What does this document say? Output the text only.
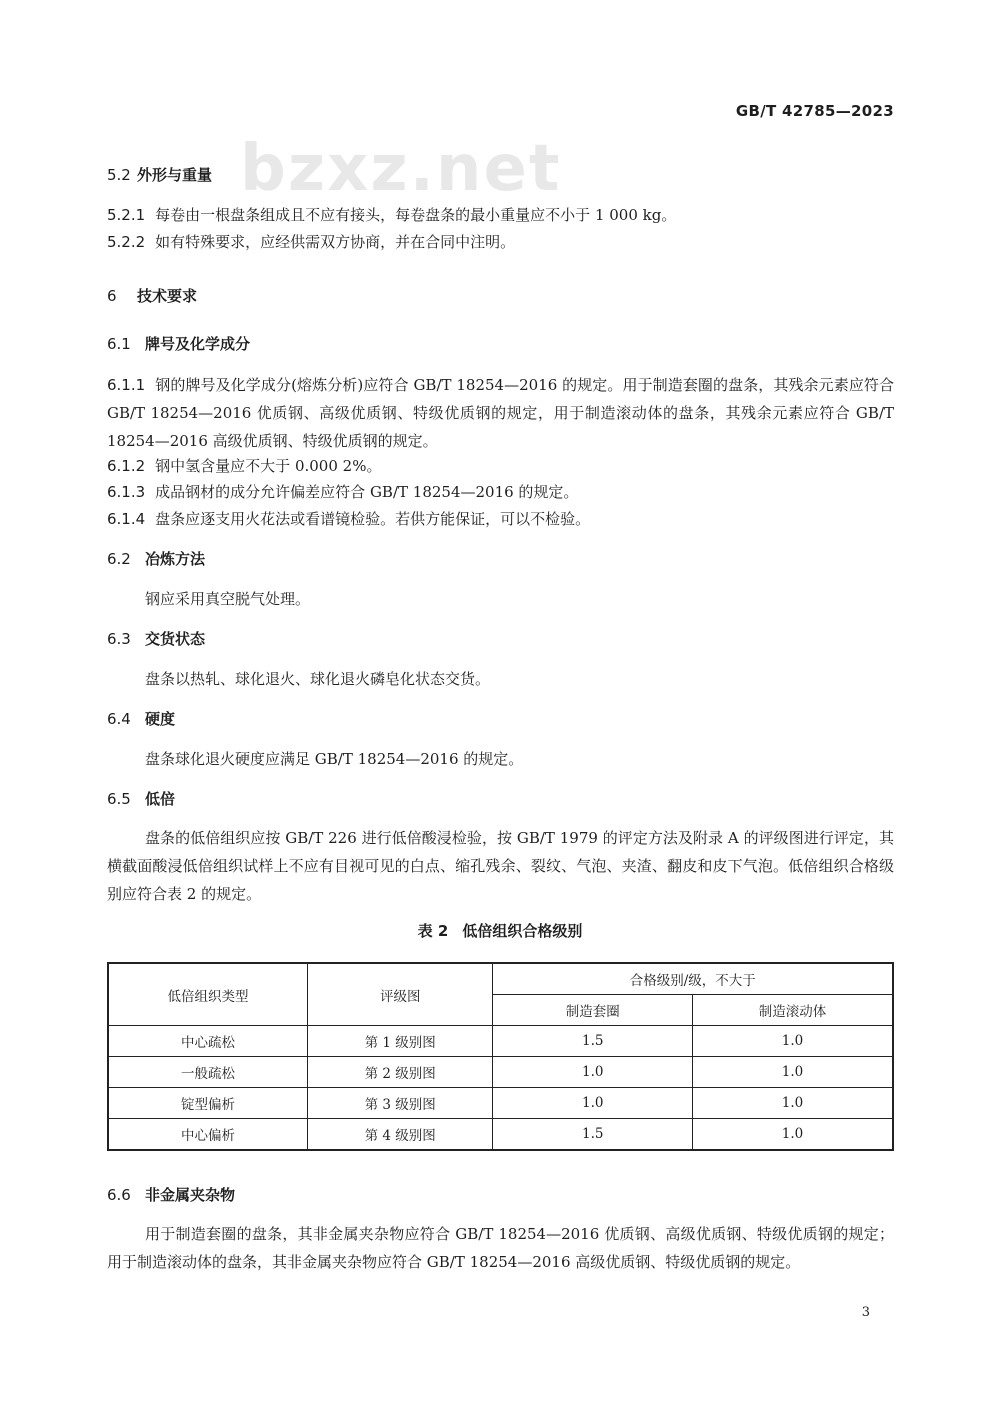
GB/T 42785—2023
bzxz.net
5.2 外形与重量
5.2.1 每卷由一根盘条组成且不应有接头，每卷盘条的最小重量应不小于 1 000 kg。
5.2.2 如有特殊要求，应经供需双方协商，并在合同中注明。
6 技术要求
6.1 牌号及化学成分
6.1.1 钢的牌号及化学成分(熔炼分析)应符合 GB/T 18254—2016 的规定。用于制造套圈的盘条，其残余元素应符合 GB/T 18254—2016 优质钢、高级优质钢、特级优质钢的规定，用于制造滚动体的盘条，其残余元素应符合 GB/T 18254—2016 高级优质钢、特级优质钢的规定。
6.1.2 钢中氢含量应不大于 0.000 2%。
6.1.3 成品钢材的成分允许偏差应符合 GB/T 18254—2016 的规定。
6.1.4 盘条应逐支用火花法或看谱镜检验。若供方能保证，可以不检验。
6.2 冶炼方法
钢应采用真空脱气处理。
6.3 交货状态
盘条以热轧、球化退火、球化退火磷皂化状态交货。
6.4 硬度
盘条球化退火硬度应满足 GB/T 18254—2016 的规定。
6.5 低倍
盘条的低倍组织应按 GB/T 226 进行低倍酸浸检验，按 GB/T 1979 的评定方法及附录 A 的评级图进行评定，其横截面酸浸低倍组织试样上不应有目视可见的白点、缩孔残余、裂纹、气泡、夹渣、翻皮和皮下气泡。低倍组织合格级别应符合表 2 的规定。
表 2 低倍组织合格级别
低倍组织类型	评级图	合格级别/级，不大于	
		制造套圈	制造滚动体
中心疏松	第 1 级别图	1.5	1.0
一般疏松	第 2 级别图	1.0	1.0
锭型偏析	第 3 级别图	1.0	1.0
中心偏析	第 4 级别图	1.5	1.0
6.6 非金属夹杂物
用于制造套圈的盘条，其非金属夹杂物应符合 GB/T 18254—2016 优质钢、高级优质钢、特级优质钢的规定；用于制造滚动体的盘条，其非金属夹杂物应符合 GB/T 18254—2016 高级优质钢、特级优质钢的规定。
3
